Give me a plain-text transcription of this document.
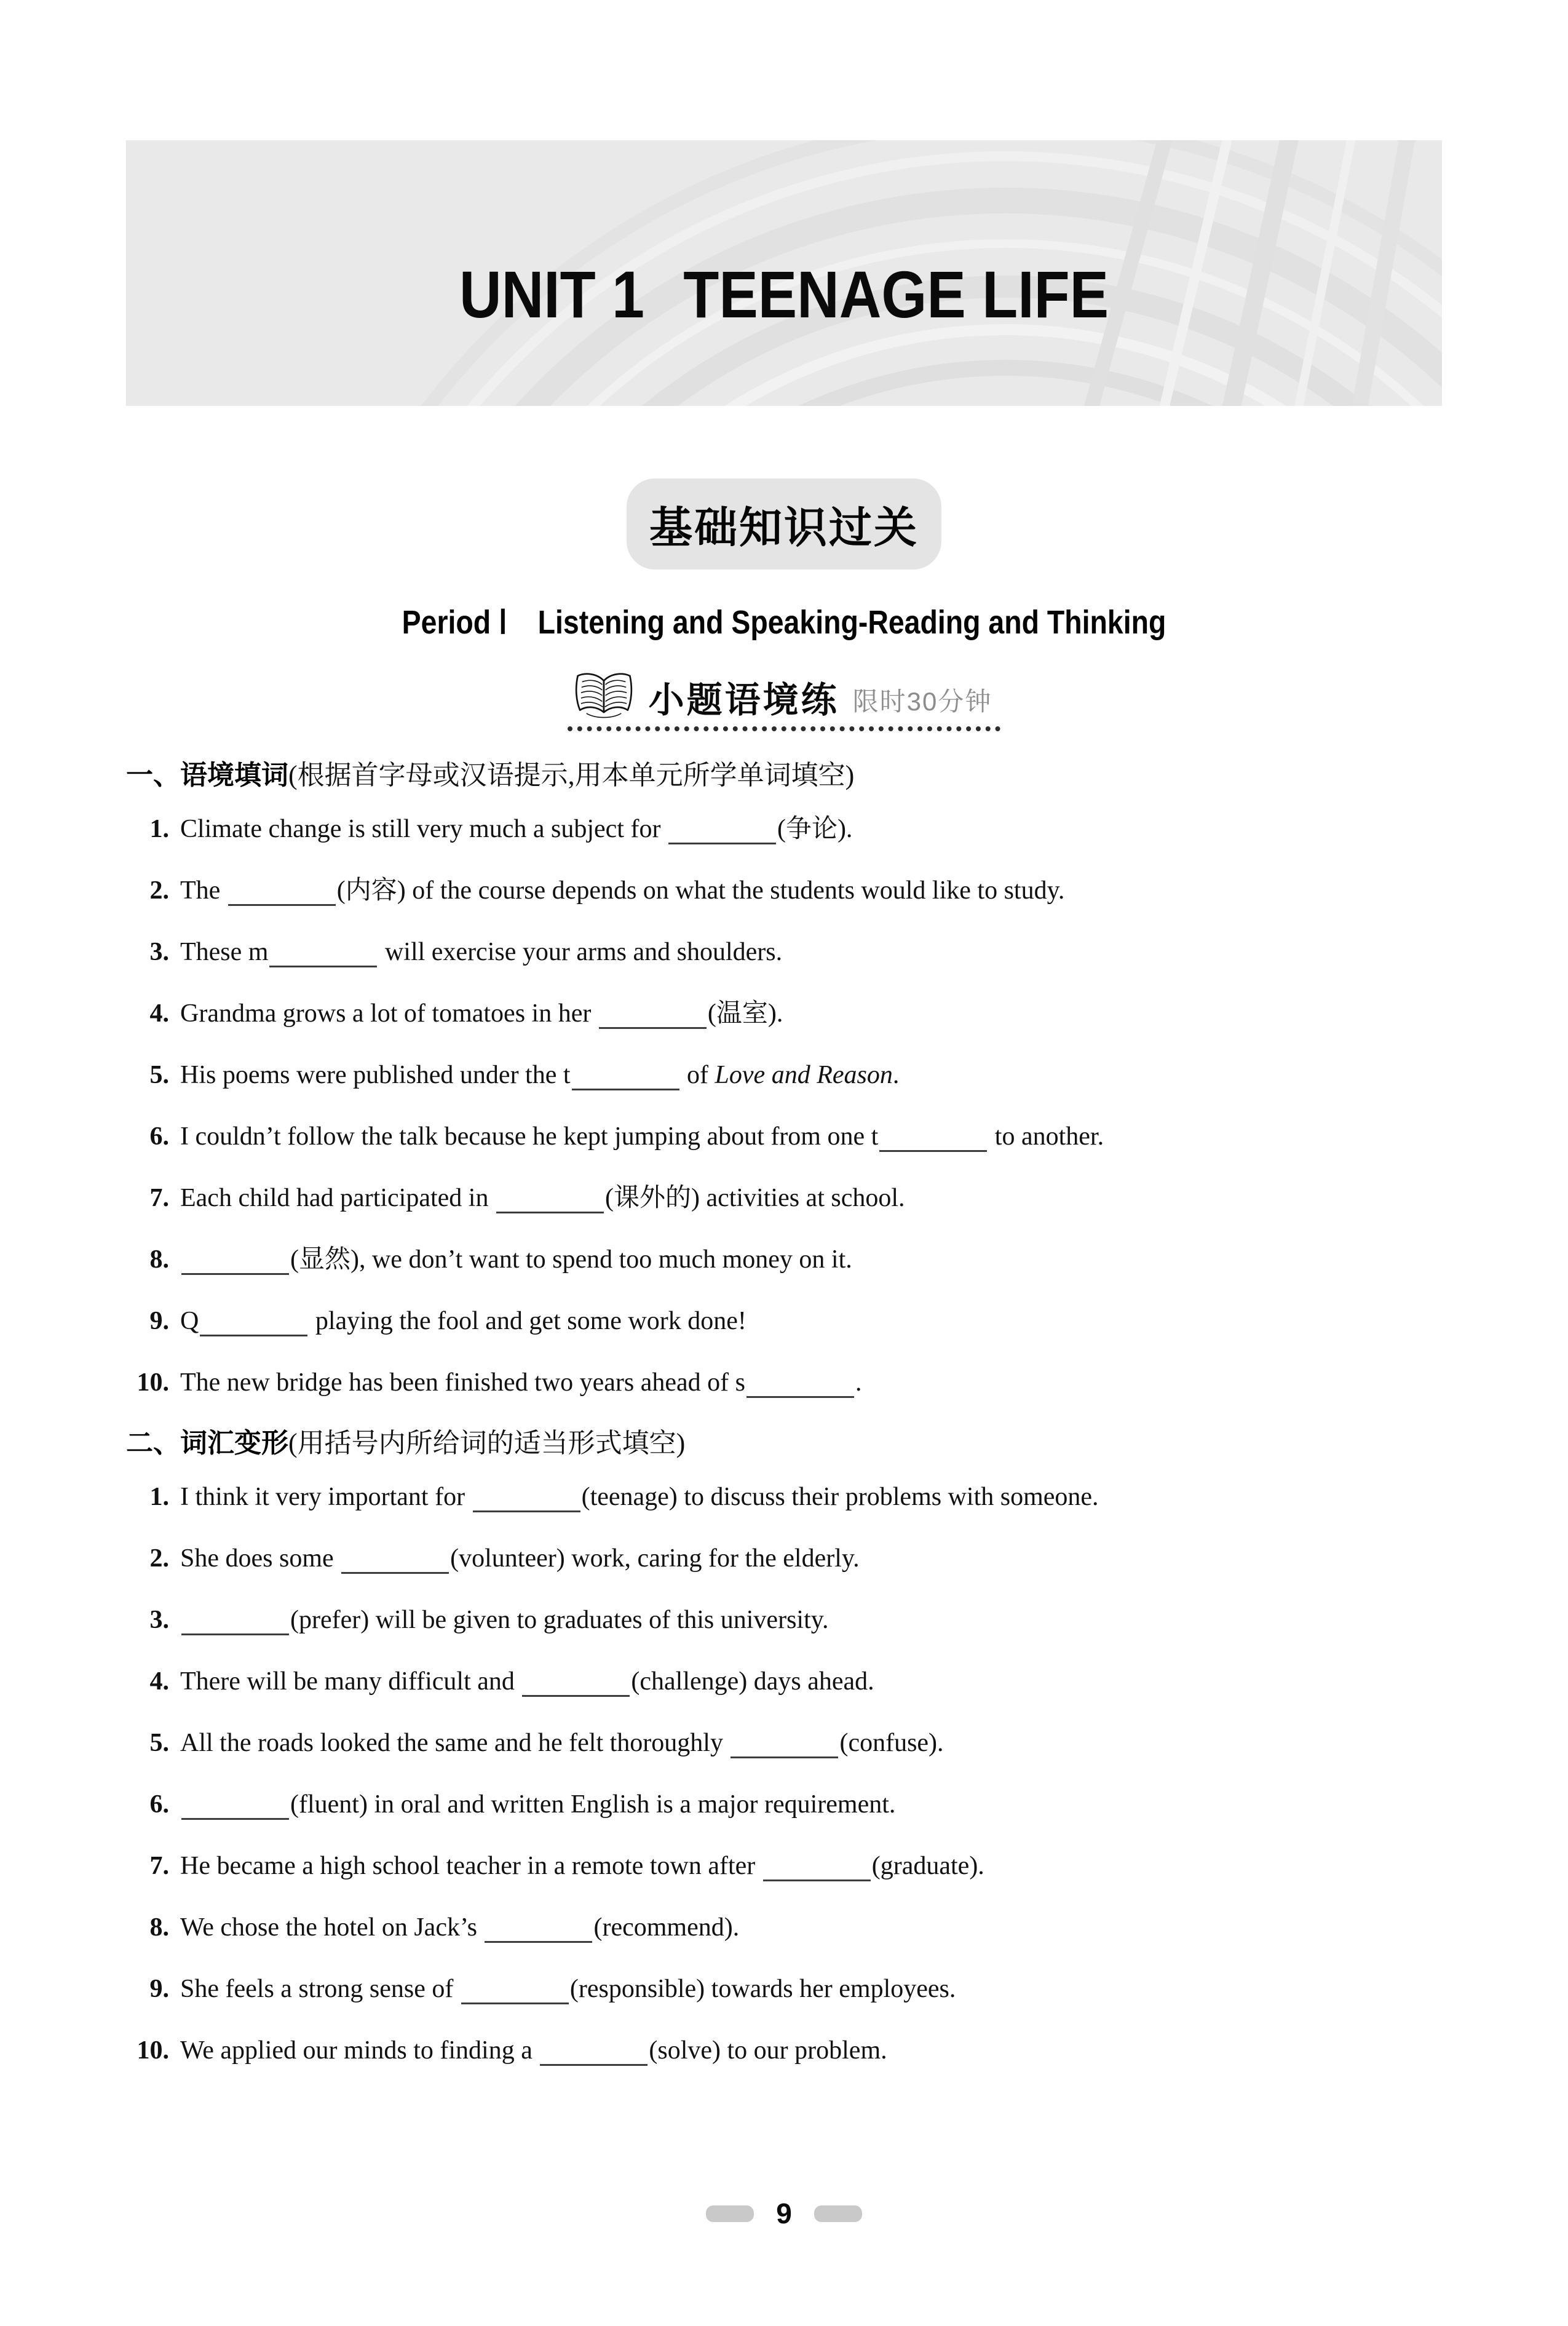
UNIT 1 TEENAGE LIFE
基础知识过关
Period Ⅰ Listening and Speaking-Reading and Thinking
小题语境练 限时30分钟
一、语境填词(根据首字母或汉语提示,用本单元所学单词填空)
1. Climate change is still very much a subject for	(争论).
2. The	(内容) of the course depends on what the students would like to study.
3. These m	will exercise your arms and shoulders.
4. Grandma grows a lot of tomatoes in her	(温室).
5. His poems were published under the t	of Love and Reason.
6. I couldn’t follow the talk because he kept jumping about from one t	to another.
7. Each child had participated in	(课外的) activities at school.
8.	(显然), we don’t want to spend too much money on it.
9. Q	playing the fool and get some work done!
10. The new bridge has been finished two years ahead of s	.
二、词汇变形(用括号内所给词的适当形式填空)
1. I think it very important for	(teenage) to discuss their problems with someone.
2. She does some	(volunteer) work, caring for the elderly.
3.	(prefer) will be given to graduates of this university.
4. There will be many difficult and	(challenge) days ahead.
5. All the roads looked the same and he felt thoroughly	(confuse).
6.	(fluent) in oral and written English is a major requirement.
7. He became a high school teacher in a remote town after	(graduate).
8. We chose the hotel on Jack’s	(recommend).
9. She feels a strong sense of	(responsible) towards her employees.
10. We applied our minds to finding a	(solve) to our problem.
9
